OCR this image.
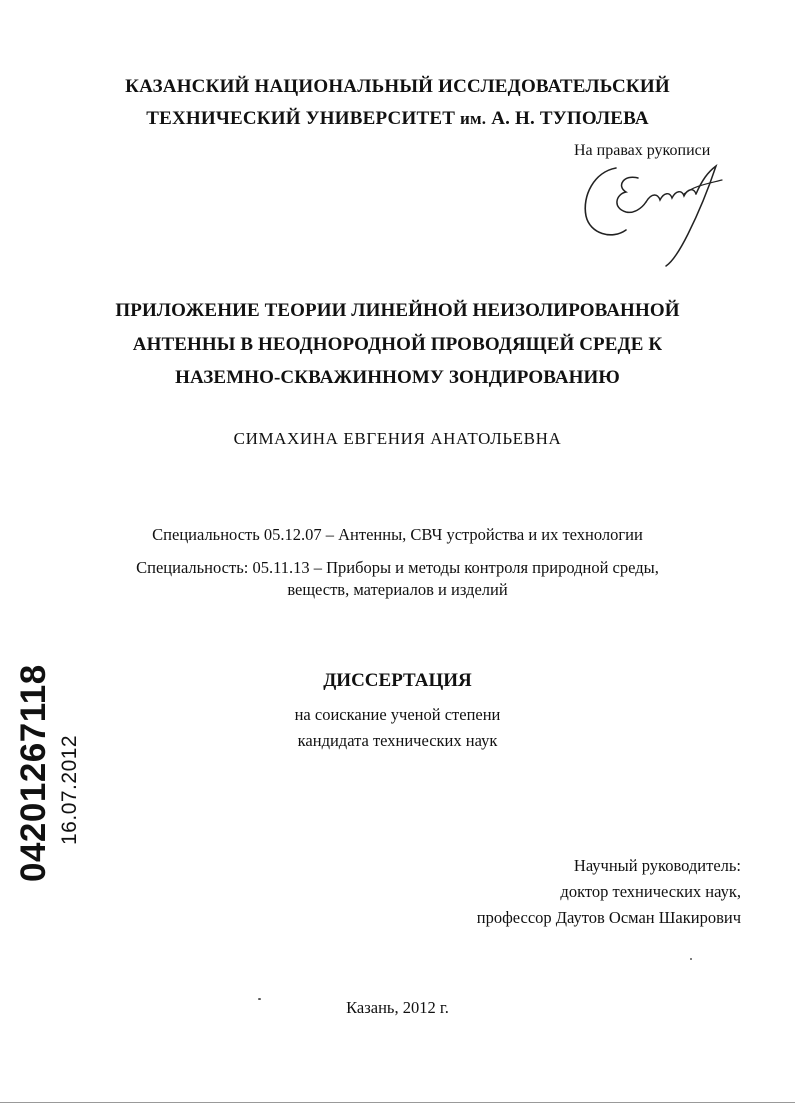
КАЗАНСКИЙ НАЦИОНАЛЬНЫЙ ИССЛЕДОВАТЕЛЬСКИЙ
ТЕХНИЧЕСКИЙ УНИВЕРСИТЕТ им. А. Н. ТУПОЛЕВА
На правах рукописи
ПРИЛОЖЕНИЕ ТЕОРИИ ЛИНЕЙНОЙ НЕИЗОЛИРОВАННОЙ
АНТЕННЫ В НЕОДНОРОДНОЙ ПРОВОДЯЩЕЙ СРЕДЕ К
НАЗЕМНО-СКВАЖИННОМУ ЗОНДИРОВАНИЮ
СИМАХИНА ЕВГЕНИЯ АНАТОЛЬЕВНА
Специальность 05.12.07 – Антенны, СВЧ устройства и их технологии
Специальность: 05.11.13 – Приборы и методы контроля природной среды,
веществ, материалов и изделий
ДИССЕРТАЦИЯ
на соискание ученой степени
кандидата технических наук
Научный руководитель:
доктор технических наук,
профессор Даутов Осман Шакирович
Казань, 2012 г.
04201267118 16.07.2012
